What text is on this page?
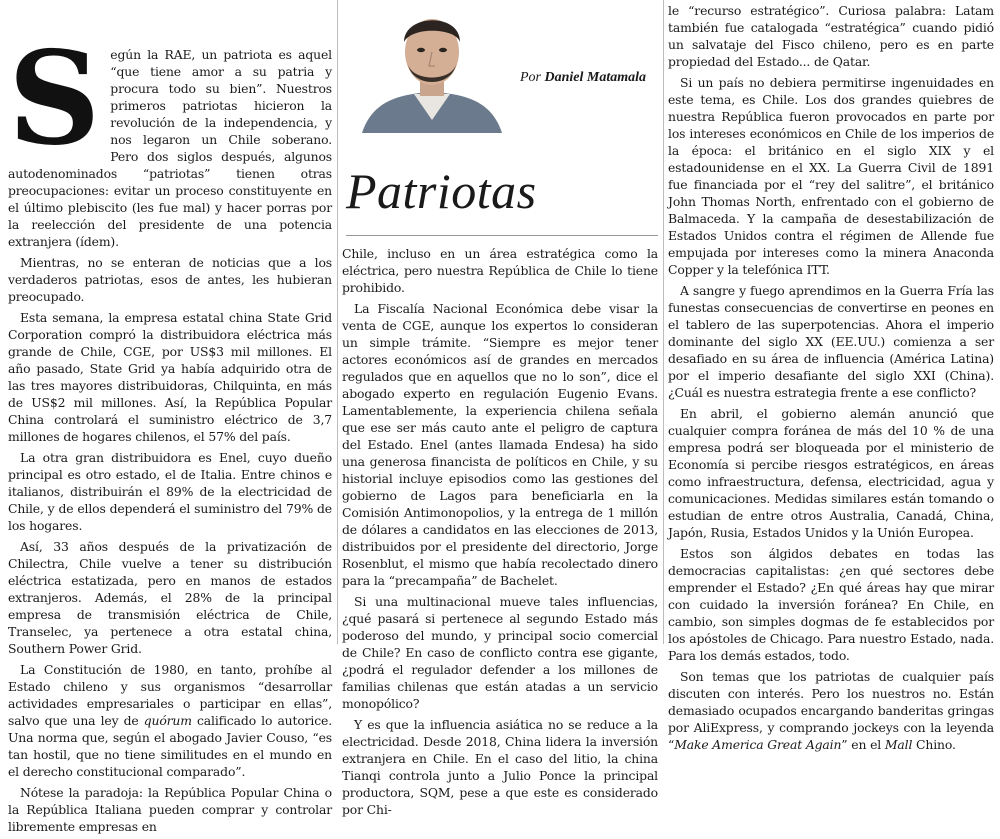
Por Daniel Matamala
Patriotas

Según la RAE, un patriota es aquel “que tiene amor a su patria y procura todo su bien”. Nuestros primeros patriotas hicieron la revolución de la independencia, y nos legaron un Chile soberano. Pero dos siglos después, algunos autodenominados “patriotas” tienen otras preocupaciones: evitar un proceso constituyente en el último plebiscito (les fue mal) y hacer porras por la reelección del presidente de una potencia extranjera (ídem).

Mientras, no se enteran de noticias que a los verdaderos patriotas, esos de antes, les hubieran preocupado.

Esta semana, la empresa estatal china State Grid Corporation compró la distribuidora eléctrica más grande de Chile, CGE, por US$3 mil millones. El año pasado, State Grid ya había adquirido otra de las tres mayores distribuidoras, Chilquinta, en más de US$2 mil millones. Así, la República Popular China controlará el suministro eléctrico de 3,7 millones de hogares chilenos, el 57% del país.

La otra gran distribuidora es Enel, cuyo dueño principal es otro estado, el de Italia. Entre chinos e italianos, distribuirán el 89% de la electricidad de Chile, y de ellos dependerá el suministro del 79% de los hogares.

Así, 33 años después de la privatización de Chilectra, Chile vuelve a tener su distribución eléctrica estatizada, pero en manos de estados extranjeros. Además, el 28% de la principal empresa de transmisión eléctrica de Chile, Transelec, ya pertenece a otra estatal china, Southern Power Grid.

La Constitución de 1980, en tanto, prohíbe al Estado chileno y sus organismos “desarrollar actividades empresariales o participar en ellas”, salvo que una ley de quórum calificado lo autorice. Una norma que, según el abogado Javier Couso, “es tan hostil, que no tiene similitudes en el mundo en el derecho constitucional comparado”.

Nótese la paradoja: la República Popular China o la República Italiana pueden comprar y controlar libremente empresas en

Chile, incluso en un área estratégica como la eléctrica, pero nuestra República de Chile lo tiene prohibido.

La Fiscalía Nacional Económica debe visar la venta de CGE, aunque los expertos lo consideran un simple trámite. “Siempre es mejor tener actores económicos así de grandes en mercados regulados que en aquellos que no lo son”, dice el abogado experto en regulación Eugenio Evans. Lamentablemente, la experiencia chilena señala que ese ser más cauto ante el peligro de captura del Estado. Enel (antes llamada Endesa) ha sido una generosa financista de políticos en Chile, y su historial incluye episodios como las gestiones del gobierno de Lagos para beneficiarla en la Comisión Antimonopolios, y la entrega de 1 millón de dólares a candidatos en las elecciones de 2013, distribuidos por el presidente del directorio, Jorge Rosenblut, el mismo que había recolectado dinero para la “precampaña” de Bachelet.

Si una multinacional mueve tales influencias, ¿qué pasará si pertenece al segundo Estado más poderoso del mundo, y principal socio comercial de Chile? En caso de conflicto contra ese gigante, ¿podrá el regulador defender a los millones de familias chilenas que están atadas a un servicio monopólico?

Y es que la influencia asiática no se reduce a la electricidad. Desde 2018, China lidera la inversión extranjera en Chile. En el caso del litio, la china Tianqi controla junto a Julio Ponce la principal productora, SQM, pese a que este es considerado por Chi-

le “recurso estratégico”. Curiosa palabra: Latam también fue catalogada “estratégica” cuando pidió un salvataje del Fisco chileno, pero es en parte propiedad del Estado... de Qatar.

Si un país no debiera permitirse ingenuidades en este tema, es Chile. Los dos grandes quiebres de nuestra República fueron provocados en parte por los intereses económicos en Chile de los imperios de la época: el británico en el siglo XIX y el estadounidense en el XX. La Guerra Civil de 1891 fue financiada por el “rey del salitre”, el británico John Thomas North, enfrentado con el gobierno de Balmaceda. Y la campaña de desestabilización de Estados Unidos contra el régimen de Allende fue empujada por intereses como la minera Anaconda Copper y la telefónica ITT.

A sangre y fuego aprendimos en la Guerra Fría las funestas consecuencias de convertirse en peones en el tablero de las superpotencias. Ahora el imperio dominante del siglo XX (EE.UU.) comienza a ser desafiado en su área de influencia (América Latina) por el imperio desafiante del siglo XXI (China). ¿Cuál es nuestra estrategia frente a ese conflicto?

En abril, el gobierno alemán anunció que cualquier compra foránea de más del 10 % de una empresa podrá ser bloqueada por el ministerio de Economía si percibe riesgos estratégicos, en áreas como infraestructura, defensa, electricidad, agua y comunicaciones. Medidas similares están tomando o estudian de entre otros Australia, Canadá, China, Japón, Rusia, Estados Unidos y la Unión Europea.

Estos son álgidos debates en todas las democracias capitalistas: ¿en qué sectores debe emprender el Estado? ¿En qué áreas hay que mirar con cuidado la inversión foránea? En Chile, en cambio, son simples dogmas de fe establecidos por los apóstoles de Chicago. Para nuestro Estado, nada. Para los demás estados, todo.

Son temas que los patriotas de cualquier país discuten con interés. Pero los nuestros no. Están demasiado ocupados encargando banderitas gringas por AliExpress, y comprando jockeys con la leyenda “Make America Great Again” en el Mall Chino.
